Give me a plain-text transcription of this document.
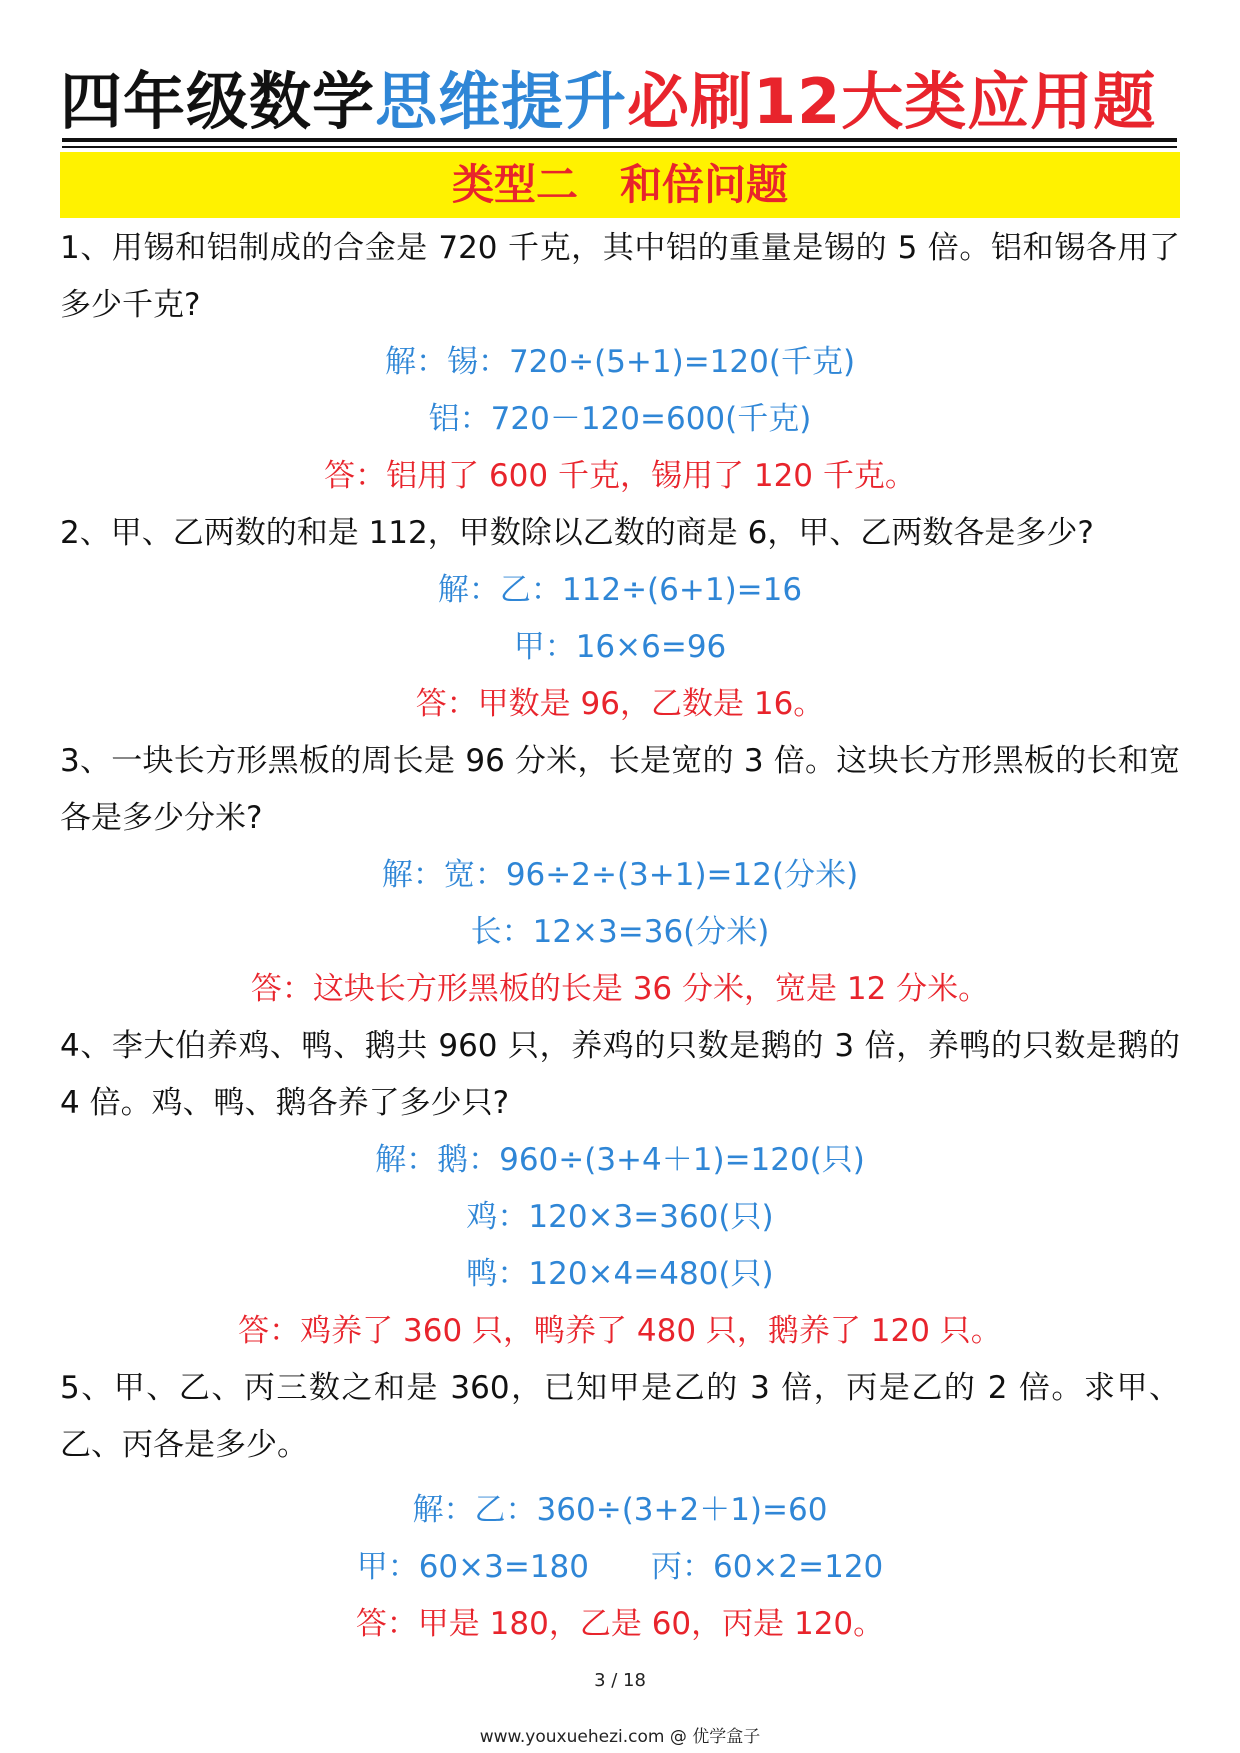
四年级数学思维提升必刷12大类应用题
类型二　和倍问题

1、用锡和铝制成的合金是 720 千克，其中铝的重量是锡的 5 倍。铝和锡各用了多少千克?

解：锡：720÷(5+1)=120(千克)

铝：720－120=600(千克)

答：铝用了 600 千克，锡用了 120 千克。

2、甲、乙两数的和是 112，甲数除以乙数的商是 6，甲、乙两数各是多少?

解：乙：112÷(6+1)=16

甲：16×6=96

答：甲数是 96，乙数是 16。

3、一块长方形黑板的周长是 96 分米，长是宽的 3 倍。这块长方形黑板的长和宽各是多少分米?

解：宽：96÷2÷(3+1)=12(分米)

长：12×3=36(分米)

答：这块长方形黑板的长是 36 分米，宽是 12 分米。

4、李大伯养鸡、鸭、鹅共 960 只，养鸡的只数是鹅的 3 倍，养鸭的只数是鹅的 4 倍。鸡、鸭、鹅各养了多少只?

解：鹅：960÷(3+4＋1)=120(只)

鸡：120×3=360(只)

鸭：120×4=480(只)

答：鸡养了 360 只，鸭养了 480 只，鹅养了 120 只。

5、甲、乙、丙三数之和是 360，已知甲是乙的 3 倍，丙是乙的 2 倍。求甲、乙、丙各是多少。

解：乙：360÷(3+2＋1)=60

甲：60×3=180　　丙：60×2=120

答：甲是 180，乙是 60，丙是 120。

3 / 18
www.youxuehezi.com @ 优学盒子
